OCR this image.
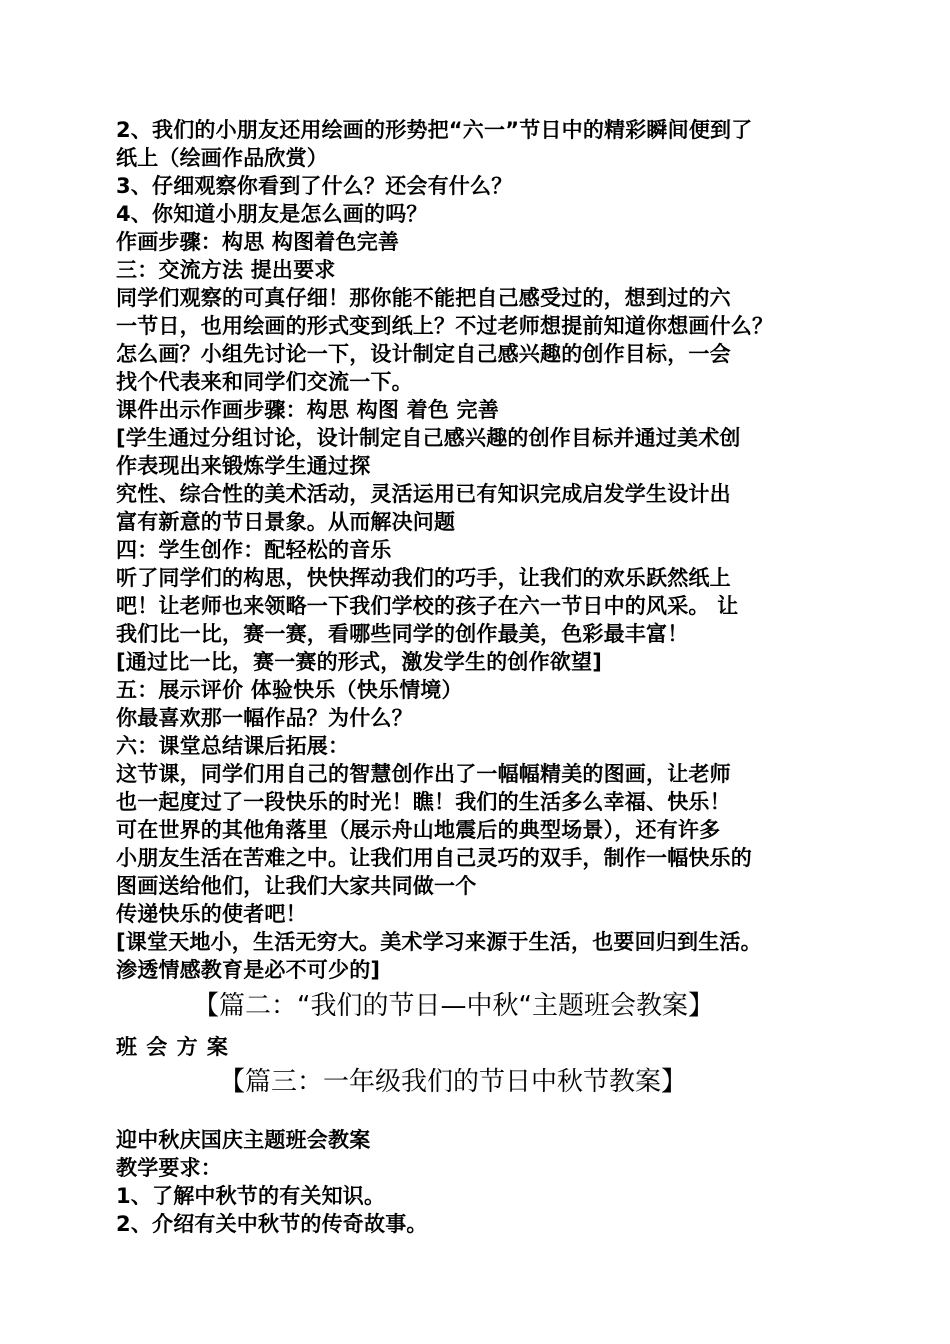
2、我们的小朋友还用绘画的形势把“六一”节日中的精彩瞬间便到了
纸上（绘画作品欣赏）
3、仔细观察你看到了什么？还会有什么？
4、你知道小朋友是怎么画的吗？
作画步骤：构思 构图着色完善
三：交流方法 提出要求
同学们观察的可真仔细！那你能不能把自己感受过的，想到过的六
一节日，也用绘画的形式变到纸上？不过老师想提前知道你想画什么？
怎么画？小组先讨论一下，设计制定自己感兴趣的创作目标，一会
找个代表来和同学们交流一下。
课件出示作画步骤：构思 构图 着色 完善
[学生通过分组讨论，设计制定自己感兴趣的创作目标并通过美术创
作表现出来锻炼学生通过探
究性、综合性的美术活动，灵活运用已有知识完成启发学生设计出
富有新意的节日景象。从而解决问题
四：学生创作：配轻松的音乐
听了同学们的构思，快快挥动我们的巧手，让我们的欢乐跃然纸上
吧！让老师也来领略一下我们学校的孩子在六一节日中的风采。 让
我们比一比，赛一赛，看哪些同学的创作最美，色彩最丰富！
[通过比一比，赛一赛的形式，激发学生的创作欲望]
五：展示评价 体验快乐（快乐情境）
你最喜欢那一幅作品？为什么？
六：课堂总结课后拓展：
这节课，同学们用自己的智慧创作出了一幅幅精美的图画，让老师
也一起度过了一段快乐的时光！瞧！我们的生活多么幸福、快乐！
可在世界的其他角落里（展示舟山地震后的典型场景），还有许多
小朋友生活在苦难之中。让我们用自己灵巧的双手，制作一幅快乐的
图画送给他们，让我们大家共同做一个
传递快乐的使者吧！
[课堂天地小，生活无穷大。美术学习来源于生活，也要回归到生活。
渗透情感教育是必不可少的]
【篇二：“我们的节日—中秋“主题班会教案】
班 会 方 案
【篇三：一年级我们的节日中秋节教案】
迎中秋庆国庆主题班会教案
教学要求：
1、了解中秋节的有关知识。
2、介绍有关中秋节的传奇故事。
